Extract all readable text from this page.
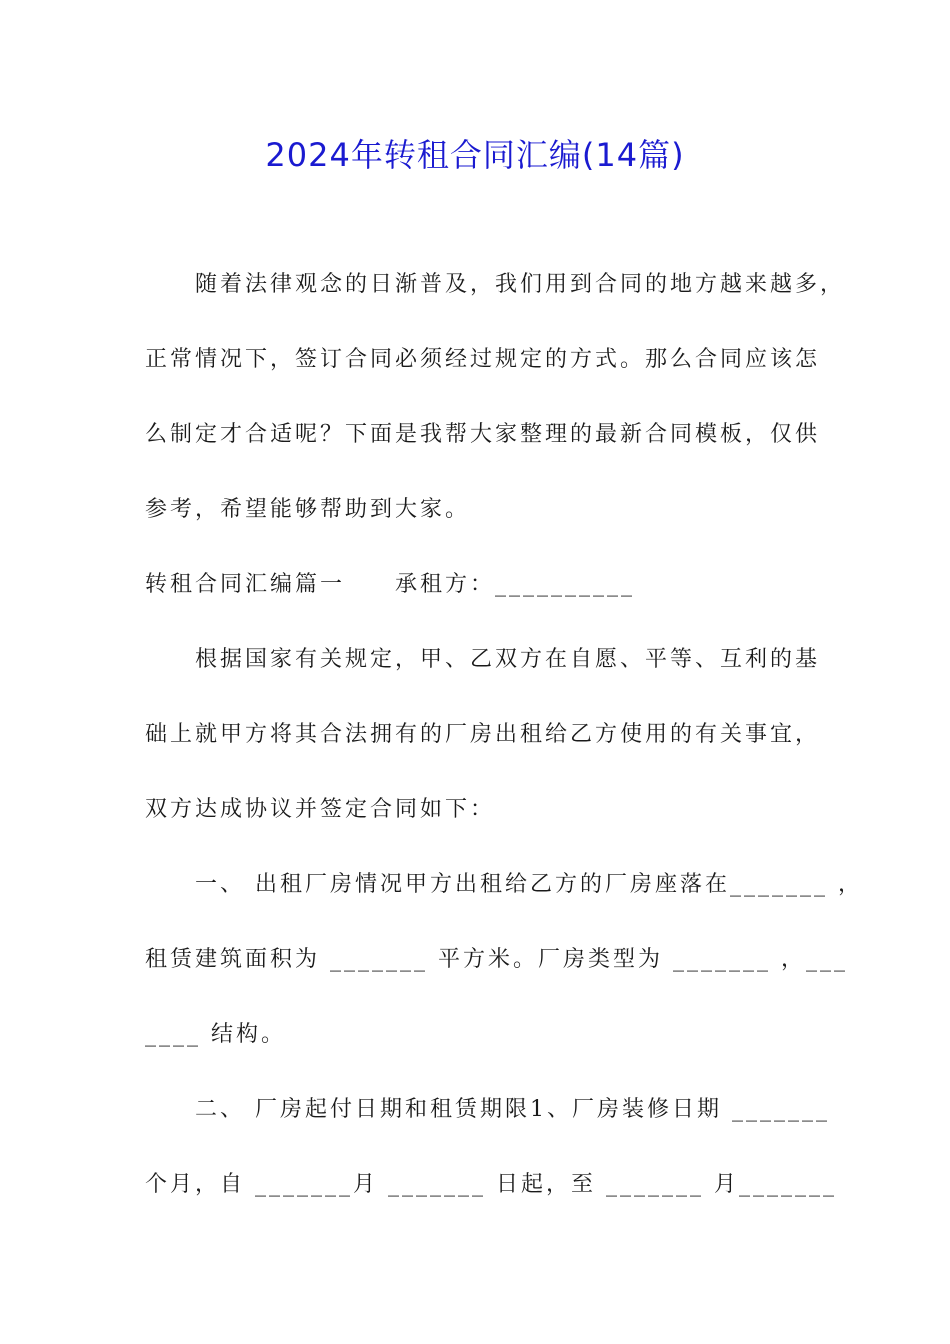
2024年转租合同汇编(14篇)
随着法律观念的日渐普及，我们用到合同的地方越来越多，
正常情况下，签订合同必须经过规定的方式。那么合同应该怎
么制定才合适呢？下面是我帮大家整理的最新合同模板，仅供
参考，希望能够帮助到大家。
转租合同汇编篇一　　承租方：__________
根据国家有关规定，甲、乙双方在自愿、平等、互利的基
础上就甲方将其合法拥有的厂房出租给乙方使用的有关事宜，
双方达成协议并签定合同如下：
一、 出租厂房情况甲方出租给乙方的厂房座落在_______ ，
租赁建筑面积为 _______ 平方米。厂房类型为 _______ ，___
____ 结构。
二、 厂房起付日期和租赁期限1、厂房装修日期 _______
个月，自 _______月 _______ 日起，至 _______ 月_______
